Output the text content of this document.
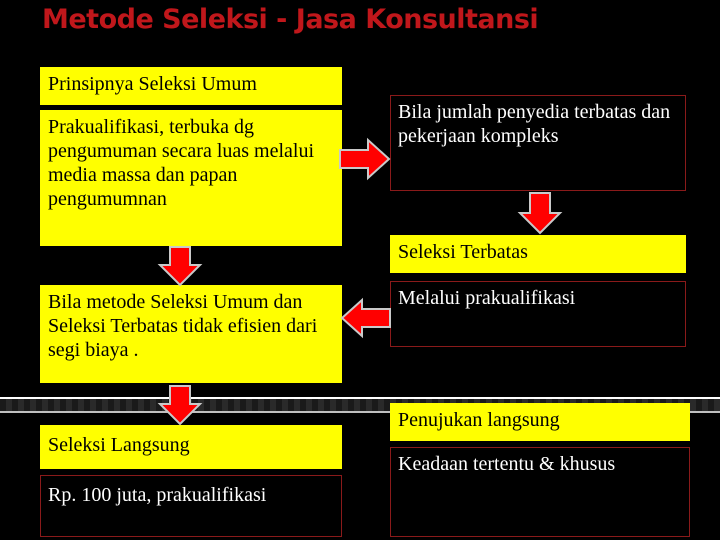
Metode Seleksi - Jasa Konsultansi
Prinsipnya Seleksi Umum
Prakualifikasi, terbuka dg pengumuman secara luas melalui media massa dan papan pengumumnan
Bila metode Seleksi Umum dan Seleksi Terbatas tidak efisien dari segi biaya .
Seleksi Langsung
Rp. 100 juta, prakualifikasi
Bila jumlah penyedia terbatas dan pekerjaan kompleks
Seleksi Terbatas
Melalui prakualifikasi
Penujukan langsung
Keadaan tertentu & khusus
